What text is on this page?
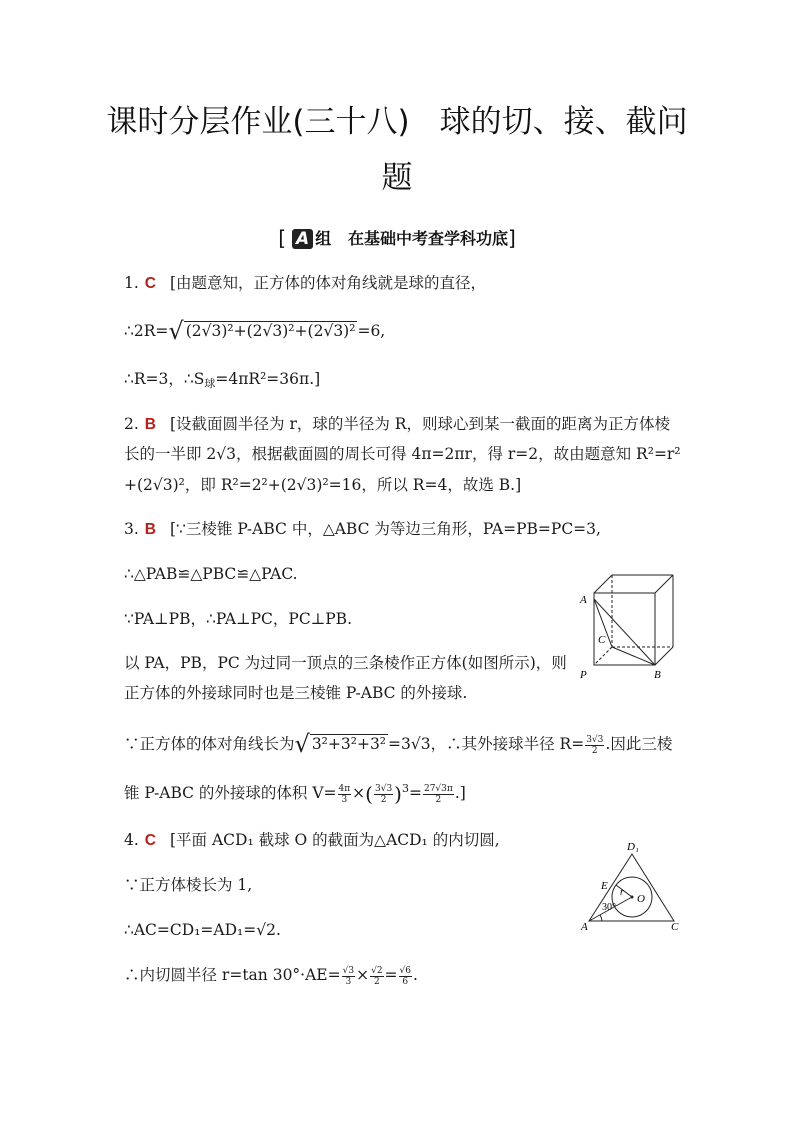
课时分层作业(三十八) 球的切、接、截问
题
[ A 组 在基础中考查学科功底]
1. C [由题意知，正方体的体对角线就是球的直径，
∴2R=√ (2√3)²+(2√3)²+(2√3)² =6,
∴R=3，$\therefore S_球=4\pi R^2=36\pi$.]
2. B [设截面圆半径为 r，球的半径为 R，则球心到某一截面的距离为正方体棱
长的一半即 2√3，根据截面圆的周长可得 4π=2πr，得 r=2，故由题意知 R²=r²
+(2√3)²，即 R²=2²+(2√3)²=16，所以 R=4，故选 B.]
3. B [∵三棱锥 P-ABC 中，△ABC 为等边三角形，PA=PB=PC=3,
∴△PAB≌△PBC≌△PAC.
∵PA⊥PB，∴PA⊥PC，PC⊥PB.
以 PA，PB，PC 为过同一顶点的三条棱作正方体(如图所示)，则
正方体的外接球同时也是三棱锥 P-ABC 的外接球.
∵正方体的体对角线长为√ 3²+3²+3² =3√3，∴其外接球半径 $R= \frac{3√3}{2}$ .因此三棱
锥 P-ABC 的外接球的体积 $V= \frac{4\pi}{3}$ ×( $\frac{3√3}{2} )^3= \frac{27√3\pi}{2}$ .]
A
C
P	B
4. C [平面 ACD₁ 截球 O 的截面为△ACD₁ 的内切圆,
∵正方体棱长为 1,
∴AC=CD₁=AD₁=√2.
∴内切圆半径 r=tan $30^\circ\cdot AE= \frac{√3}{3} \times \frac{√2}{2} = \frac{√6}{6}$ .
D₁
E
r
O
30°
A	C
